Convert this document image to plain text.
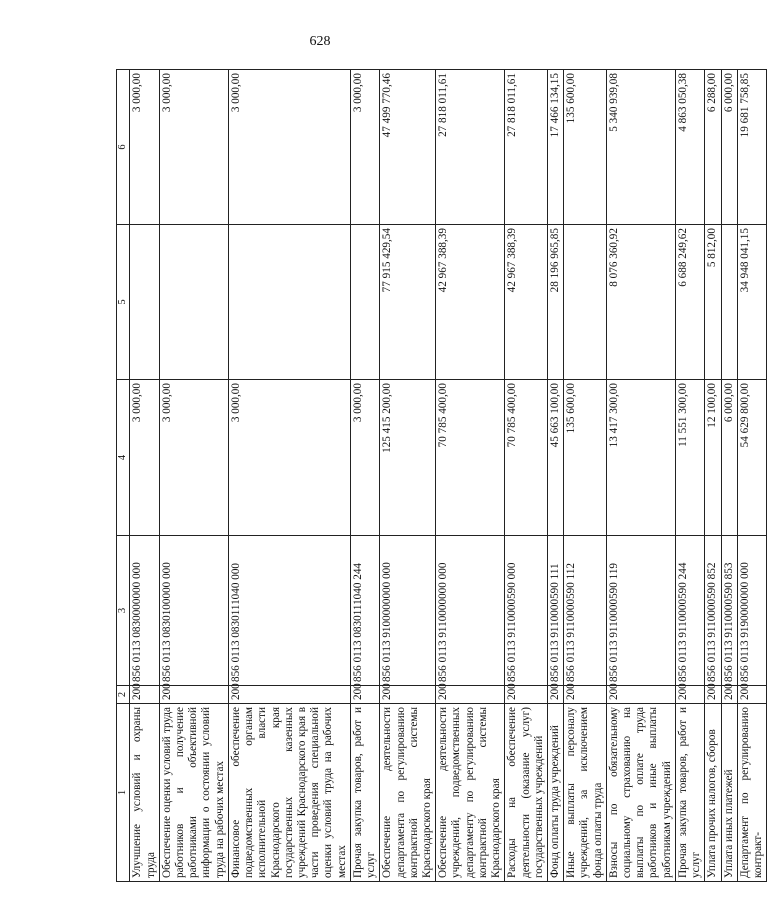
628
1	2	3	4	5	6
Улучшение условий и охраны труда	200	856 0113 0830000000 000	3 000,00		3 000,00
Обеспечение оценки условий труда работников и получение работниками объективной информации о состоянии условий труда на рабочих местах	200	856 0113 0830100000 000	3 000,00		3 000,00
Финансовое обеспечение подведомственных органам исполнительной власти Краснодарского края государственных казенных учреждений Краснодарского края в части проведения специальной оценки условий труда на рабочих местах	200	856 0113 0830111040 000	3 000,00		3 000,00
Прочая закупка товаров, работ и услуг	200	856 0113 0830111040 244	3 000,00		3 000,00
Обеспечение деятельности департамента по регулированию контрактной системы Краснодарского края	200	856 0113 9100000000 000	125 415 200,00	77 915 429,54	47 499 770,46
Обеспечение деятельности учреждений, подведомственных департаменту по регулированию контрактной системы Краснодарского края	200	856 0113 9110000000 000	70 785 400,00	42 967 388,39	27 818 011,61
Расходы на обеспечение деятельности (оказание услуг) государственных учреждений	200	856 0113 9110000590 000	70 785 400,00	42 967 388,39	27 818 011,61
Фонд оплаты труда учреждений	200	856 0113 9110000590 111	45 663 100,00	28 196 965,85	17 466 134,15
Иные выплаты персоналу учреждений, за исключением фонда оплаты труда	200	856 0113 9110000590 112	135 600,00		135 600,00
Взносы по обязательному социальному страхованию на выплаты по оплате труда работников и иные выплаты работникам учреждений	200	856 0113 9110000590 119	13 417 300,00	8 076 360,92	5 340 939,08
Прочая закупка товаров, работ и услуг	200	856 0113 9110000590 244	11 551 300,00	6 688 249,62	4 863 050,38
Уплата прочих налогов, сборов	200	856 0113 9110000590 852	12 100,00	5 812,00	6 288,00
Уплата иных платежей	200	856 0113 9110000590 853	6 000,00		6 000,00
Департамент по регулированию контракт-	200	856 0113 9190000000 000	54 629 800,00	34 948 041,15	19 681 758,85
